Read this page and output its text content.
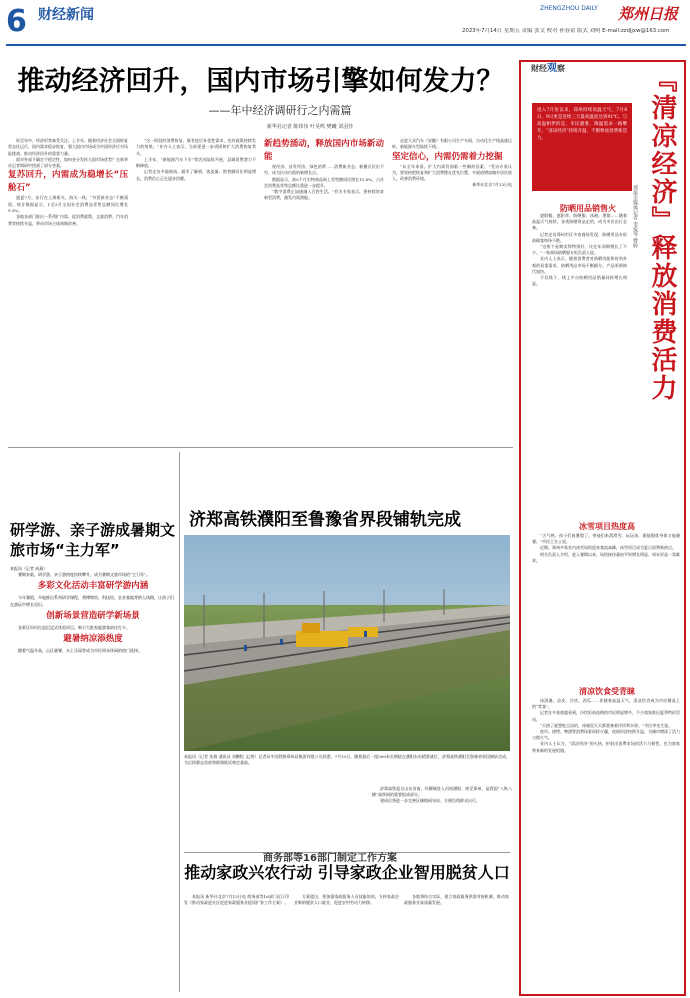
6 财经新闻	ZHENGZHOU DAILY 郑州日报
2023年7月14日 星期五 责编 张文 校对 孙春蕾 版式 刘明 E-mail:zzdjjxw@163.com
推动经济回升，国内市场引擎如何发力？
——年中经济调研行之内需篇
新华社记者 陈炜伟 叶昊鸣 樊曦 刘羽佳

时至年中，经济形势备受关注。上半年，随着经济社会全面恢复常态化运行，国内需求稳步恢复，强大国内市场成为中国经济应对风险挑战、推动经济回升的重要力量。

面对外部不确定不稳定性，如何充分发挥大国市场优势？在新华社记者调研中找到了部分答案。

复苏回升，内需成为稳增长“压舱石”

盛夏7月，步行在上海街头，海关一线，“外贸新业态”不断涌现。统计数据显示，1至5月全国社会消费品零售总额同比增长9.3%。

各地各部门推出一系列扩内需、促消费政策，文旅消费、汽车消费等持续升温，带动市场主体预期改善。

“这一阶段的消费恢复，既有疫后补偿性需求，也有政策持续发力的效果。”业内人士表示，当前要进一步巩固和扩大消费恢复势头。

上半年，“新能源汽车下乡”等活动陆续开展，县域消费潜力不断释放。

记者走访多地商场、超市了解到，客流量、销售额同比明显增长，消费信心正在逐步回暖。

新趋势涌动，释放国内市场新动能

夜经济、首发经济、绿色消费……消费新业态、新模式层出不穷，成为拉动内需的新增长点。

数据显示，前5个月实物商品网上零售额同比增长11.8%，占社会消费品零售总额比重进一步提升。

“数字消费正加速融入百姓生活。”有关专家表示，要持续培育新型消费，激发内需潜能。

走进大众汽车（安徽）有限公司生产车间，自动化生产线高速运转，新能源车型陆续下线。

坚定信心，内需仍需着力挖掘

“从全年来看，扩大内需仍面临一些制约因素。”受访专家认为，要坚持把恢复和扩大消费摆在优先位置，多渠道增加城乡居民收入，改善消费环境。

新华社北京7月13日电

研学游、亲子游成暑期文旅市场“主力军”

本报讯（记者 成燕）

暑期来临，研学游、亲子游热度持续攀升，成为暑期文旅市场的“主力军”。

多彩文化活动丰富研学游内涵

今年暑假，多地推出系列研学课程，将博物馆、科技馆、农业基地等纳入线路，让孩子们在游玩中增长见识。

创新场景营造研学新场景

各景区纷纷打造沉浸式体验项目，吸引大批家庭游客前往打卡。

避暑纳凉添热度

随着气温升高，山区避暑、水上乐园等成为市民周末休闲的热门选择。

济郑高铁濮阳至鲁豫省界段铺轨完成
本报讯（记者 张倩 通讯员 刘鹏程 文/图）记者从中国铁路郑州局集团有限公司获悉，7月13日，随着最后一组500米长钢轨在濮阳东站精准就位，济郑高铁濮阳至鲁豫省界段铺轨完成，为后续静态验收和联调联试奠定基础。

济郑高铁起自山东济南，经聊城进入河南濮阳，终至郑州，是我国“八纵八横”高铁网的重要组成部分。

建成后将进一步完善区域路网布局，方便沿线群众出行。

商务部等16部门制定工作方案
推动家政兴农行动 引导家政企业智用脱贫人口

本报讯 新华社北京7月13日电 商务部等16部门近日印发《推动家政进社区促进家政服务业提质扩容工作方案》。

方案提出，要加强家政服务人员技能培训，支持家政企业吸纳脱贫人口就业，促进农村劳动力转移。

各地将结合实际，建立家政服务供需对接机制，推动家政服务业高质量发展。

财经观察	『清凉经济』释放消费活力
郑报全媒体记者 李爱琴 曹婷
进入7月份以来，郑州持续高温天气，7月8日、9日更是连续三天最高温度达到41℃。与高温相伴的是，市民避暑、降温需求一路攀升，“清凉经济”持续升温，不断释放消费新活力。
防晒用品销售火

遮阳帽、遮阳伞、防晒服、冰袖、墨镜……随着高温天气持续，各类防晒用品走俏，成为市民出行必备。

记者走访郑州市区多家商场发现，防晒用品专柜前顾客络绎不绝。

“这两个星期卖得特别好，比往年同期增长了不少。”一家商场防晒服专柜负责人说。

业内人士表示，随着消费者对防晒功能和时尚外观的双重需求，防晒用品市场不断细分，产品更新换代加快。

不仅线下，线上平台防晒用品销量同样增长明显。

冰雪项目热度高

“天气热，孩子们放暑假了，带他们来滑滑雪、玩玩冰，既能锻炼身体又能避暑。”市民王女士说。

近期，郑州多家室内冰雪场馆迎来客流高峰，冰雪项目成为夏日消费新热点。

相关负责人介绍，进入暑期以来，场馆接待量较平时增长明显，周末更是一票难求。

清凉饮食受青睐

冰淇淋、凉皮、冷饮、西瓜……伴随着高温天气，清凉饮食成为市民餐桌上的“常客”。

记者在多家商超看到，冷饮柜前选购的市民明显增多，不少商家推出夏季特价活动。

“天热了就想吃点凉的，冰箱里天天都要备着冷饮和水果。”市民李先生说。

夜市、烧烤、啤酒等消费场景同样火爆，夜间经济持续升温，为城市增添了活力与烟火气。

业内人士认为，“清凉经济”的火热，折射出消费市场的活力与韧性，也为商家带来新的发展机遇。
